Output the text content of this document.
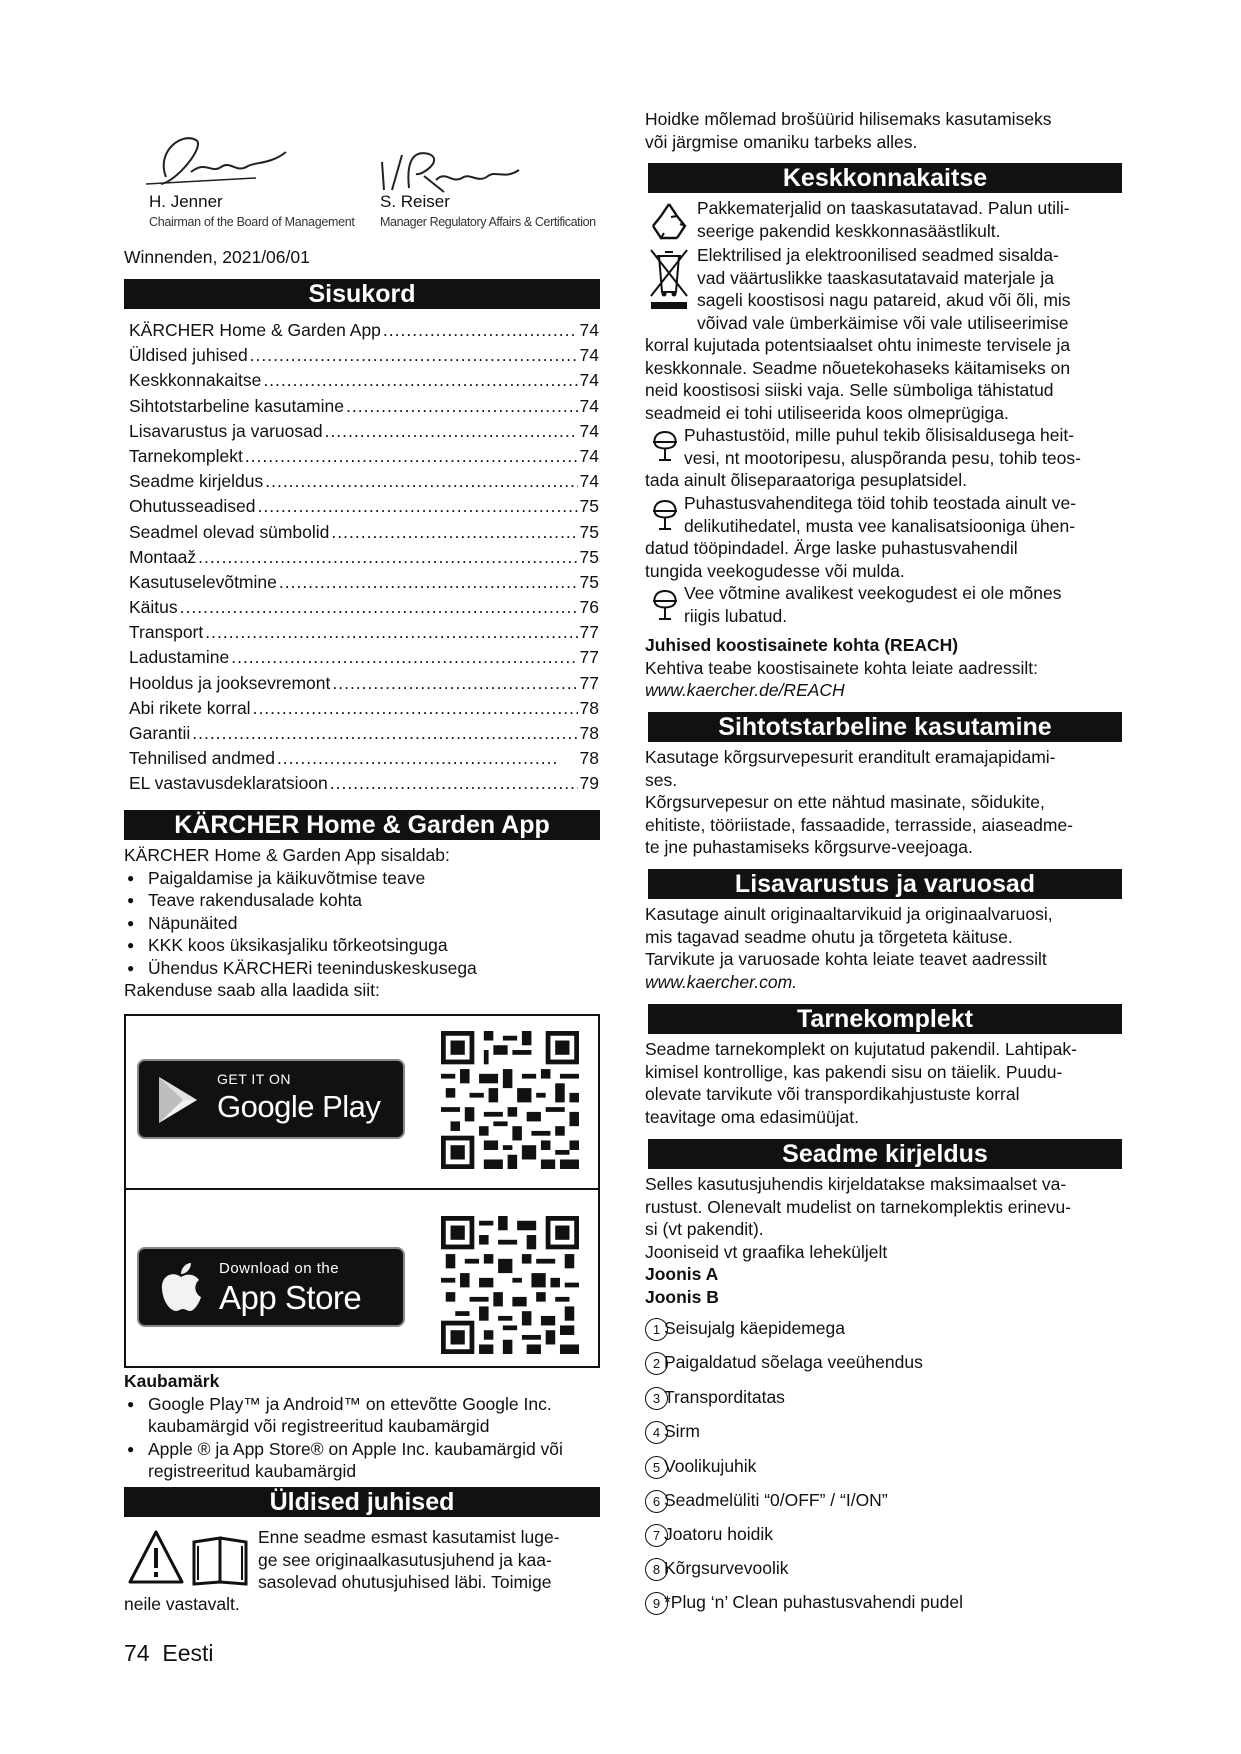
H. Jenner
Chairman of the Board of Management
S. Reiser
Manager Regulatory Affairs & Certification
Winnenden, 2021/06/01
Sisukord
KÄRCHER Home & Garden App .....	74
Üldised juhised .....	74
Keskkonnakaitse .....	74
Sihtotstarbeline kasutamine .....	74
Lisavarustus ja varuosad .....	74
Tarnekomplekt .....	74
Seadme kirjeldus .....	74
Ohutusseadised .....	75
Seadmel olevad sümbolid .....	75
Montaaž .....	75
Kasutuselevõtmine .....	75
Käitus .....	76
Transport .....	77
Ladustamine .....	77
Hooldus ja jooksevremont .....	77
Abi rikete korral .....	78
Garantii .....	78
Tehnilised andmed .....	78
EL vastavusdeklaratsioon .....	79
KÄRCHER Home & Garden App
KÄRCHER Home & Garden App sisaldab:
● Paigaldamise ja käikuvõtmise teave
● Teave rakendusalade kohta
● Näpunäited
● KKK koos üksikasjaliku tõrkeotsinguga
● Ühendus KÄRCHERi teeninduskeskusega
Rakenduse saab alla laadida siit:
GET IT ON
Google Play
Download on the
App Store
Kaubamärk
● Google Play™ ja Android™ on ettevõtte Google Inc.
kaubamärgid või registreeritud kaubamärgid
● Apple ® ja App Store® on Apple Inc. kaubamärgid või
registreeritud kaubamärgid
Üldised juhised
Enne seadme esmast kasutamist luge-
ge see originaalkasutusjuhend ja kaa-
sasolevad ohutusjuhised läbi. Toimige
neile vastavalt.
74 Eesti
Hoidke mõlemad brošüürid hilisemaks kasutamiseks
või järgmise omaniku tarbeks alles.
Keskkonnakaitse
Pakkematerjalid on taaskasutatavad. Palun utili-
seerige pakendid keskkonnasäästlikult.
Elektrilised ja elektroonilised seadmed sisalda-
vad väärtuslikke taaskasutatavaid materjale ja
sageli koostisosi nagu patareid, akud või õli, mis
võivad vale ümberkäimise või vale utiliseerimise
korral kujutada potentsiaalset ohtu inimeste tervisele ja
keskkonnale. Seadme nõuetekohaseks käitamiseks on
neid koostisosi siiski vaja. Selle sümboliga tähistatud
seadmeid ei tohi utiliseerida koos olmeprügiga.
Puhastustöid, mille puhul tekib õlisisaldusega heit-
vesi, nt mootoripesu, aluspõranda pesu, tohib teos-
tada ainult õliseparaatoriga pesuplatsidel.
Puhastusvahenditega töid tohib teostada ainult ve-
delikutihedatel, musta vee kanalisatsiooniga ühen-
datud tööpindadel. Ärge laske puhastusvahendil
tungida veekogudesse või mulda.
Vee võtmine avalikest veekogudest ei ole mõnes
riigis lubatud.
Juhised koostisainete kohta (REACH)
Kehtiva teabe koostisainete kohta leiate aadressilt:
www.kaercher.de/REACH
Sihtotstarbeline kasutamine
Kasutage kõrgsurvepesurit eranditult eramajapidami-
ses.
Kõrgsurvepesur on ette nähtud masinate, sõidukite,
ehitiste, tööriistade, fassaadide, terrasside, aiaseadme-
te jne puhastamiseks kõrgsurve-veejoaga.
Lisavarustus ja varuosad
Kasutage ainult originaaltarvikuid ja originaalvaruosi,
mis tagavad seadme ohutu ja tõrgeteta käituse.
Tarvikute ja varuosade kohta leiate teavet aadressilt
www.kaercher.com.
Tarnekomplekt
Seadme tarnekomplekt on kujutatud pakendil. Lahtipak-
kimisel kontrollige, kas pakendi sisu on täielik. Puudu-
olevate tarvikute või transpordikahjustuste korral
teavitage oma edasimüüjat.
Seadme kirjeldus
Selles kasutusjuhendis kirjeldatakse maksimaalset va-
rustust. Olenevalt mudelist on tarnekomplektis erinevu-
si (vt pakendit).
Jooniseid vt graafika leheküljelt
Joonis A
Joonis B
1 Seisujalg käepidemega
2 Paigaldatud sõelaga veeühendus
3 Transporditatas
4 Sirm
5 Voolikujuhik
6 Seadmelüliti “0/OFF” / “I/ON”
7 Joatoru hoidik
8 Kõrgsurvevoolik
9 *Plug ‘n’ Clean puhastusvahendi pudel
